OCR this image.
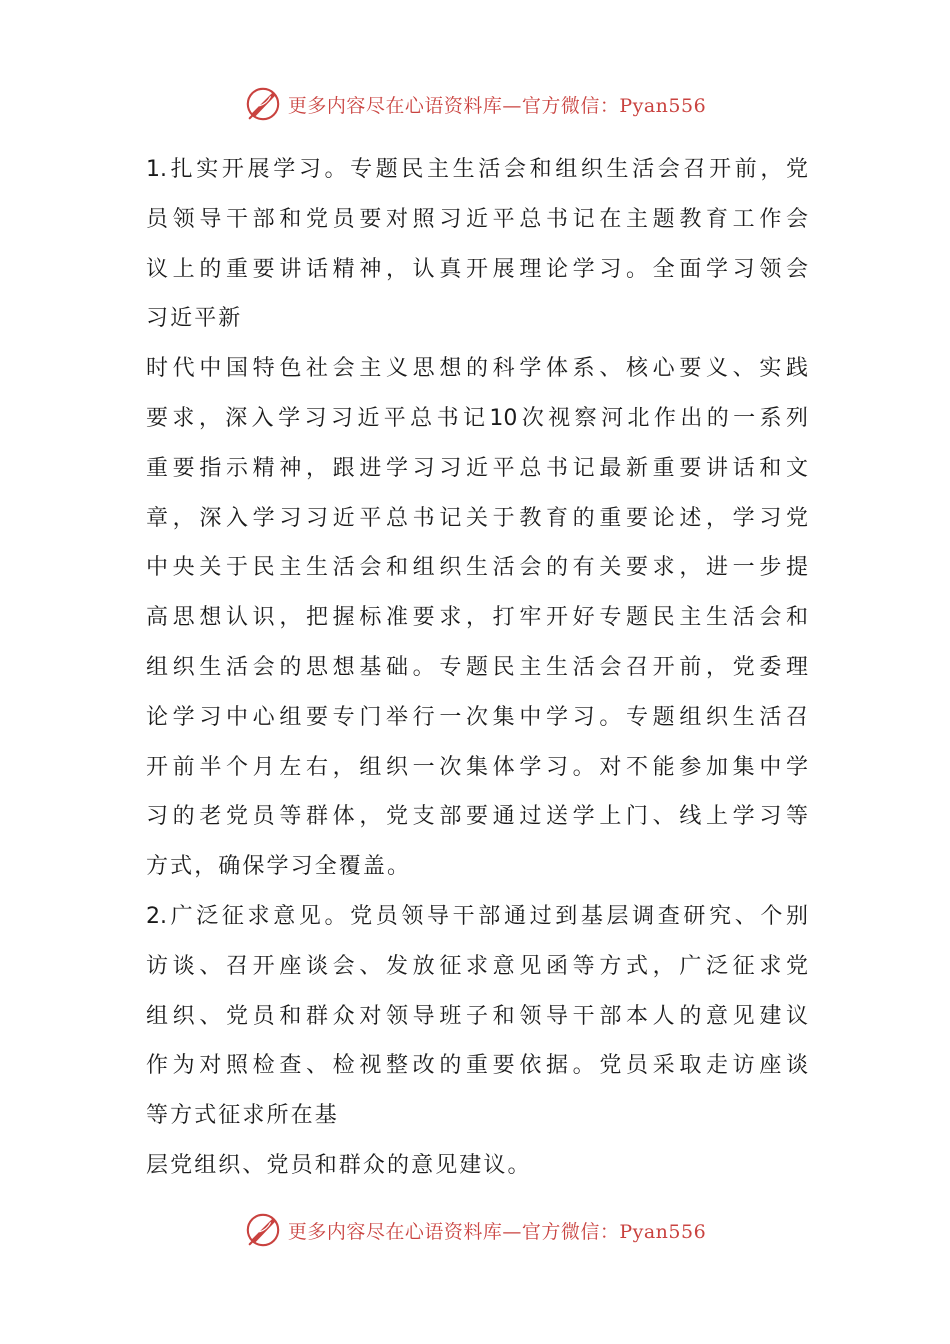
更多内容尽在心语资料库—官方微信：Pyan556
1.扎实开展学习。专题民主生活会和组织生活会召开前，党
员领导干部和党员要对照习近平总书记在主题教育工作会
议上的重要讲话精神，认真开展理论学习。全面学习领会
习近平新
时代中国特色社会主义思想的科学体系、核心要义、实践
要求，深入学习习近平总书记10次视察河北作出的一系列
重要指示精神，跟进学习习近平总书记最新重要讲话和文
章，深入学习习近平总书记关于教育的重要论述，学习党
中央关于民主生活会和组织生活会的有关要求，进一步提
高思想认识，把握标准要求，打牢开好专题民主生活会和
组织生活会的思想基础。专题民主生活会召开前，党委理
论学习中心组要专门举行一次集中学习。专题组织生活召
开前半个月左右，组织一次集体学习。对不能参加集中学
习的老党员等群体，党支部要通过送学上门、线上学习等
方式，确保学习全覆盖。
2.广泛征求意见。党员领导干部通过到基层调查研究、个别
访谈、召开座谈会、发放征求意见函等方式，广泛征求党
组织、党员和群众对领导班子和领导干部本人的意见建议
作为对照检查、检视整改的重要依据。党员采取走访座谈
等方式征求所在基
层党组织、党员和群众的意见建议。
更多内容尽在心语资料库—官方微信：Pyan556
